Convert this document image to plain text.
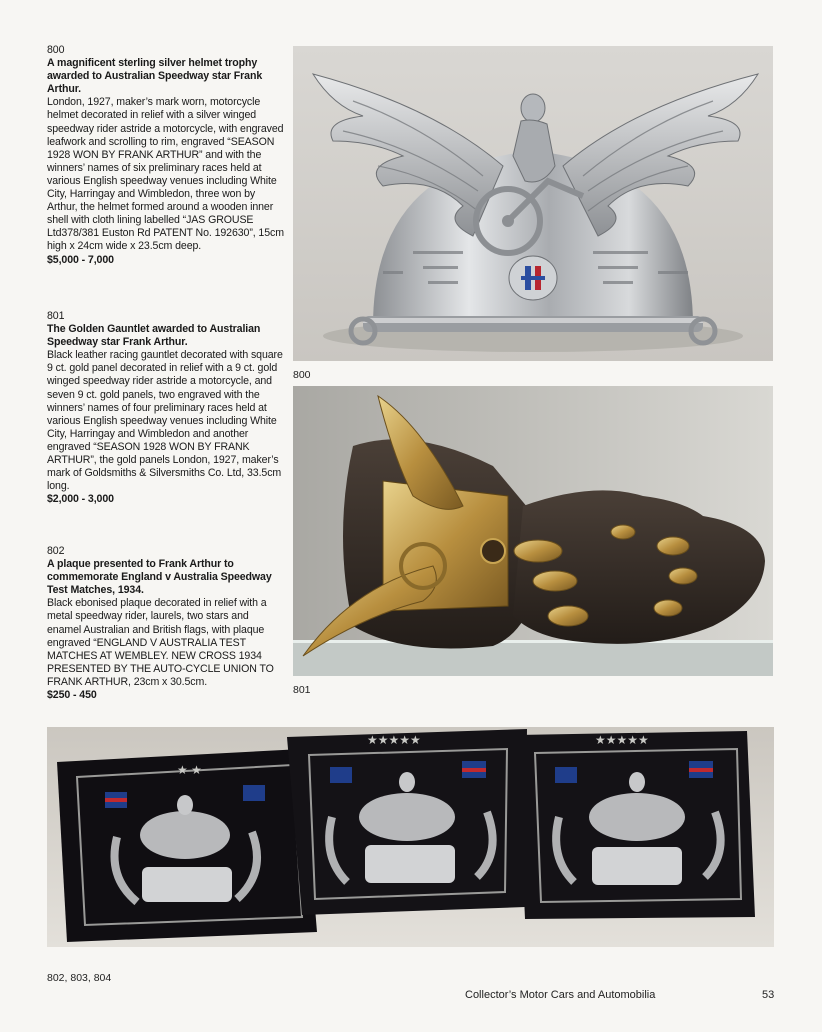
800
A magnificent sterling silver helmet trophy awarded to Australian Speedway star Frank Arthur.
London, 1927, maker’s mark worn, motorcycle helmet decorated in relief with a silver winged speedway rider astride a motorcycle, with engraved leafwork and scrolling to rim, engraved “SEASON 1928 WON BY FRANK ARTHUR” and with the winners’ names of six preliminary races held at various English speedway venues including White City, Harringay and Wimbledon, three won by Arthur, the helmet formed around a wooden inner shell with cloth lining labelled “JAS GROUSE Ltd378/381 Euston Rd PATENT No. 192630”, 15cm high x 24cm wide x 23.5cm deep.
$5,000 - 7,000
801
The Golden Gauntlet awarded to Australian Speedway star Frank Arthur.
Black leather racing gauntlet decorated with square 9 ct. gold panel decorated in relief with a 9 ct. gold winged speedway rider astride a motorcycle, and seven 9 ct. gold panels, two engraved with the winners’ names of four preliminary races held at various English speedway venues including White City, Harringay and Wimbledon and another engraved “SEASON 1928 WON BY FRANK ARTHUR”, the gold panels London, 1927, maker’s mark of Goldsmiths & Silversmiths Co. Ltd, 33.5cm long.
$2,000 - 3,000
802
A plaque presented to Frank Arthur to commemorate England v Australia Speedway Test Matches, 1934.
Black ebonised plaque decorated in relief with a metal speedway rider, laurels, two stars and enamel Australian and British flags, with plaque engraved “ENGLAND V AUSTRALIA TEST MATCHES AT WEMBLEY. NEW CROSS 1934 PRESENTED BY THE AUTO-CYCLE UNION TO FRANK ARTHUR, 23cm x 30.5cm.
$250 - 450
800
801
★ ★
★★★★★	★★★★★
802, 803, 804
Collector’s Motor Cars and Automobilia	53
